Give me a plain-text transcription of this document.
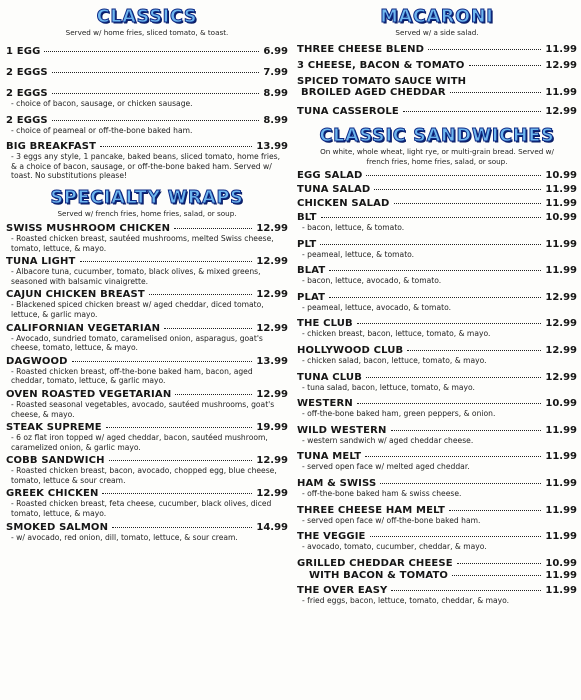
CLASSICS
Served w/ home fries, sliced tomato, & toast.
1 EGG	6.99
2 EGGS	7.99
2 EGGS	8.99
- choice of bacon, sausage, or chicken sausage.
2 EGGS	8.99
- choice of peameal or off-the-bone baked ham.
BIG BREAKFAST	13.99
- 3 eggs any style, 1 pancake, baked beans, sliced tomato, home fries, & a choice of bacon, sausage, or off-the-bone baked ham. Served w/ toast. No substitutions please!
SPECIALTY WRAPS
Served w/ french fries, home fries, salad, or soup.
SWISS MUSHROOM CHICKEN	12.99
- Roasted chicken breast, sautéed mushrooms, melted Swiss cheese, tomato, lettuce, & mayo.
TUNA LIGHT	12.99
- Albacore tuna, cucumber, tomato, black olives, & mixed greens, seasoned with balsamic vinaigrette.
CAJUN CHICKEN BREAST	12.99
- Blackened spiced chicken breast w/ aged cheddar, diced tomato, lettuce, & garlic mayo.
CALIFORNIAN VEGETARIAN	12.99
- Avocado, sundried tomato, caramelised onion, asparagus, goat's cheese, tomato, lettuce, & mayo.
DAGWOOD	13.99
- Roasted chicken breast, off-the-bone baked ham, bacon, aged cheddar, tomato, lettuce, & garlic mayo.
OVEN ROASTED VEGETARIAN	12.99
- Roasted seasonal vegetables, avocado, sautéed mushrooms, goat's cheese, & mayo.
STEAK SUPREME	19.99
- 6 oz flat iron topped w/ aged cheddar, bacon, sautéed mushroom, caramelized onion, & garlic mayo.
COBB SANDWICH	12.99
- Roasted chicken breast, bacon, avocado, chopped egg, blue cheese, tomato, lettuce & sour cream.
GREEK CHICKEN	12.99
- Roasted chicken breast, feta cheese, cucumber, black olives, diced tomato, lettuce, & mayo.
SMOKED SALMON	14.99
- w/ avocado, red onion, dill, tomato, lettuce, & sour cream.
MACARONI
Served w/ a side salad.
THREE CHEESE BLEND	11.99
3 CHEESE, BACON & TOMATO	12.99
SPICED TOMATO SAUCE WITH
BROILED AGED CHEDDAR	11.99
TUNA CASSEROLE	12.99
CLASSIC SANDWICHES
On white, whole wheat, light rye, or multi-grain bread. Served w/ french fries, home fries, salad, or soup.
EGG SALAD	10.99
TUNA SALAD	11.99
CHICKEN SALAD	11.99
BLT	10.99
- bacon, lettuce, & tomato.
PLT	11.99
- peameal, lettuce, & tomato.
BLAT	11.99
- bacon, lettuce, avocado, & tomato.
PLAT	12.99
- peameal, lettuce, avocado, & tomato.
THE CLUB	12.99
- chicken breast, bacon, lettuce, tomato, & mayo.
HOLLYWOOD CLUB	12.99
- chicken salad, bacon, lettuce, tomato, & mayo.
TUNA CLUB	12.99
- tuna salad, bacon, lettuce, tomato, & mayo.
WESTERN	10.99
- off-the-bone baked ham, green peppers, & onion.
WILD WESTERN	11.99
- western sandwich w/ aged cheddar cheese.
TUNA MELT	11.99
- served open face w/ melted aged cheddar.
HAM & SWISS	11.99
- off-the-bone baked ham & swiss cheese.
THREE CHEESE HAM MELT	11.99
- served open face w/ off-the-bone baked ham.
THE VEGGIE	11.99
- avocado, tomato, cucumber, cheddar, & mayo.
GRILLED CHEDDAR CHEESE	10.99
WITH BACON & TOMATO	11.99
THE OVER EASY	11.99
- fried eggs, bacon, lettuce, tomato, cheddar, & mayo.
